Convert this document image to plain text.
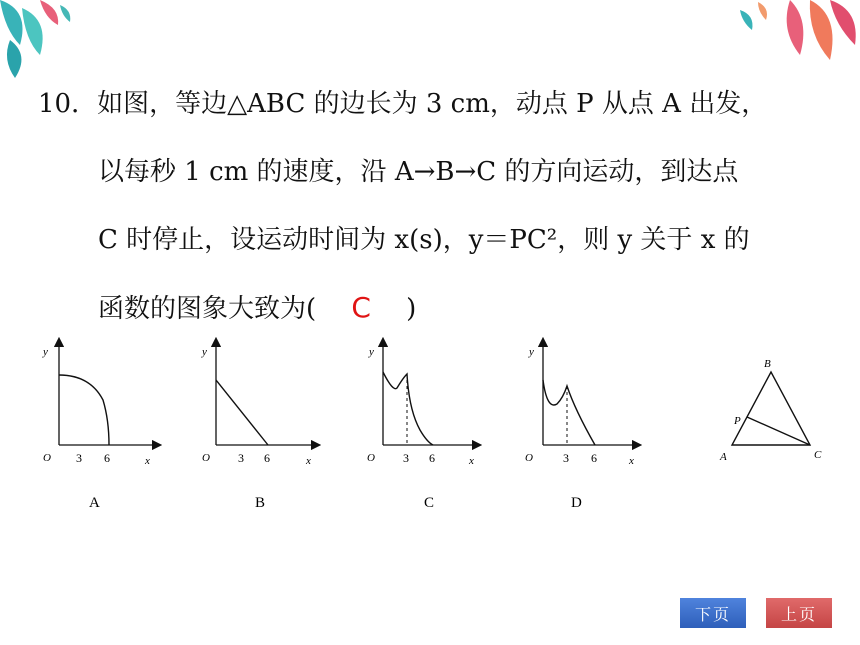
10．如图，等边△ABC 的边长为 3 cm，动点 P 从点 A 出发，
以每秒 1 cm 的速度，沿 A→B→C 的方向运动，到达点
C 时停止，设运动时间为 x(s)，y＝PC²，则 y 关于 x 的
函数的图象大致为( C )
y
x
O 3 6
A
y
x
O 3 6
B
y
x
O 3 6
C
y
x
O	3 6
D
B
P
A	C
下页	上页
